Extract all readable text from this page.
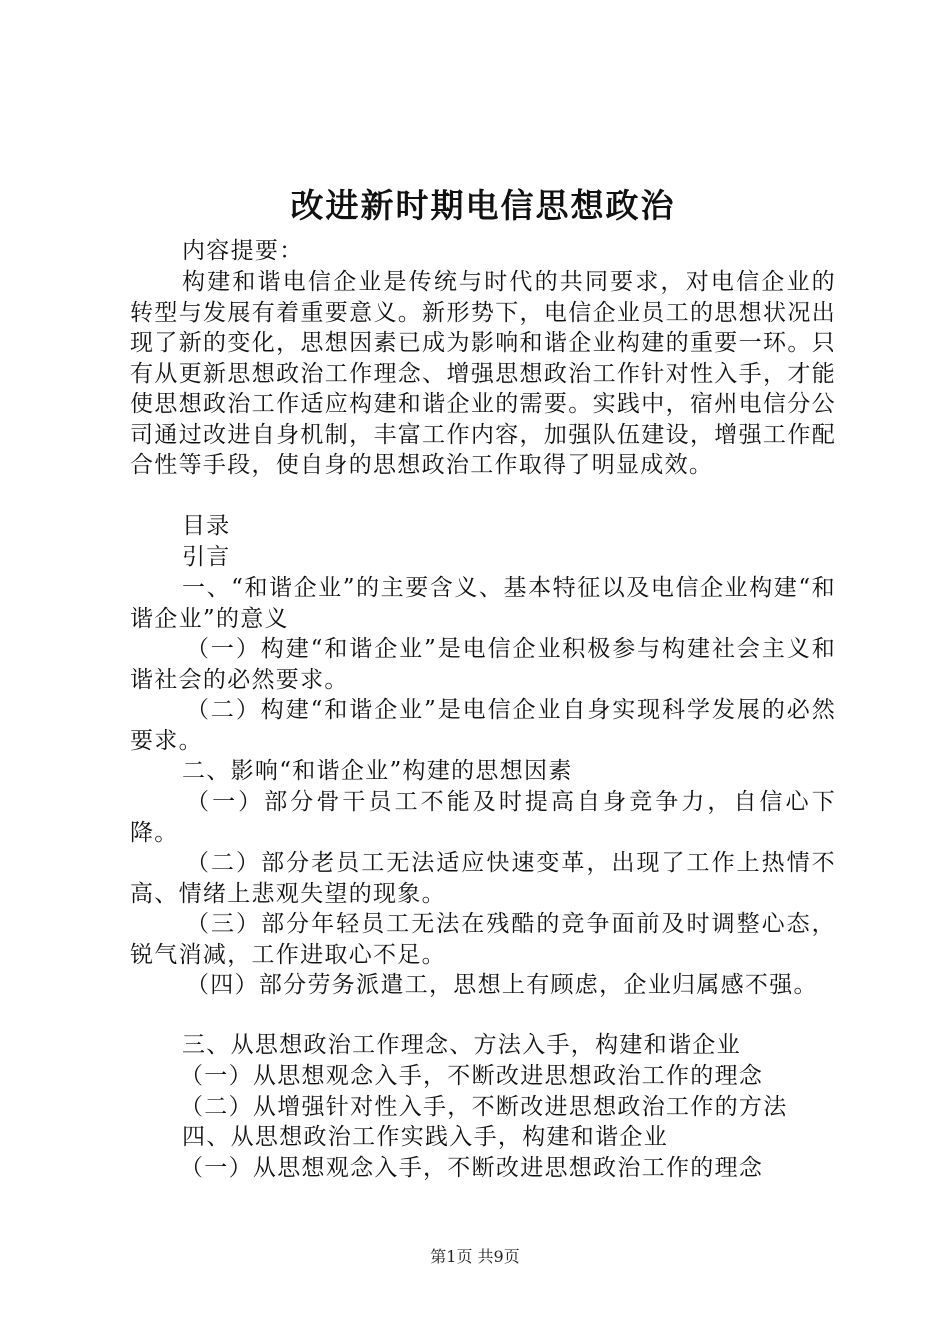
改进新时期电信思想政治

内容提要：

构建和谐电信企业是传统与时代的共同要求，对电信企业的转型与发展有着重要意义。新形势下，电信企业员工的思想状况出现了新的变化，思想因素已成为影响和谐企业构建的重要一环。只有从更新思想政治工作理念、增强思想政治工作针对性入手，才能使思想政治工作适应构建和谐企业的需要。实践中，宿州电信分公司通过改进自身机制，丰富工作内容，加强队伍建设，增强工作配合性等手段，使自身的思想政治工作取得了明显成效。

目录

引言

一、“和谐企业”的主要含义、基本特征以及电信企业构建“和谐企业”的意义

（一）构建“和谐企业”是电信企业积极参与构建社会主义和谐社会的必然要求。

（二）构建“和谐企业”是电信企业自身实现科学发展的必然要求。

二、影响“和谐企业”构建的思想因素

（一）部分骨干员工不能及时提高自身竞争力，自信心下降。

（二）部分老员工无法适应快速变革，出现了工作上热情不高、情绪上悲观失望的现象。

（三）部分年轻员工无法在残酷的竞争面前及时调整心态，锐气消减，工作进取心不足。

（四）部分劳务派遣工，思想上有顾虑，企业归属感不强。

三、从思想政治工作理念、方法入手，构建和谐企业

（一）从思想观念入手，不断改进思想政治工作的理念

（二）从增强针对性入手，不断改进思想政治工作的方法

四、从思想政治工作实践入手，构建和谐企业

（一）从思想观念入手，不断改进思想政治工作的理念

第1页 共9页
